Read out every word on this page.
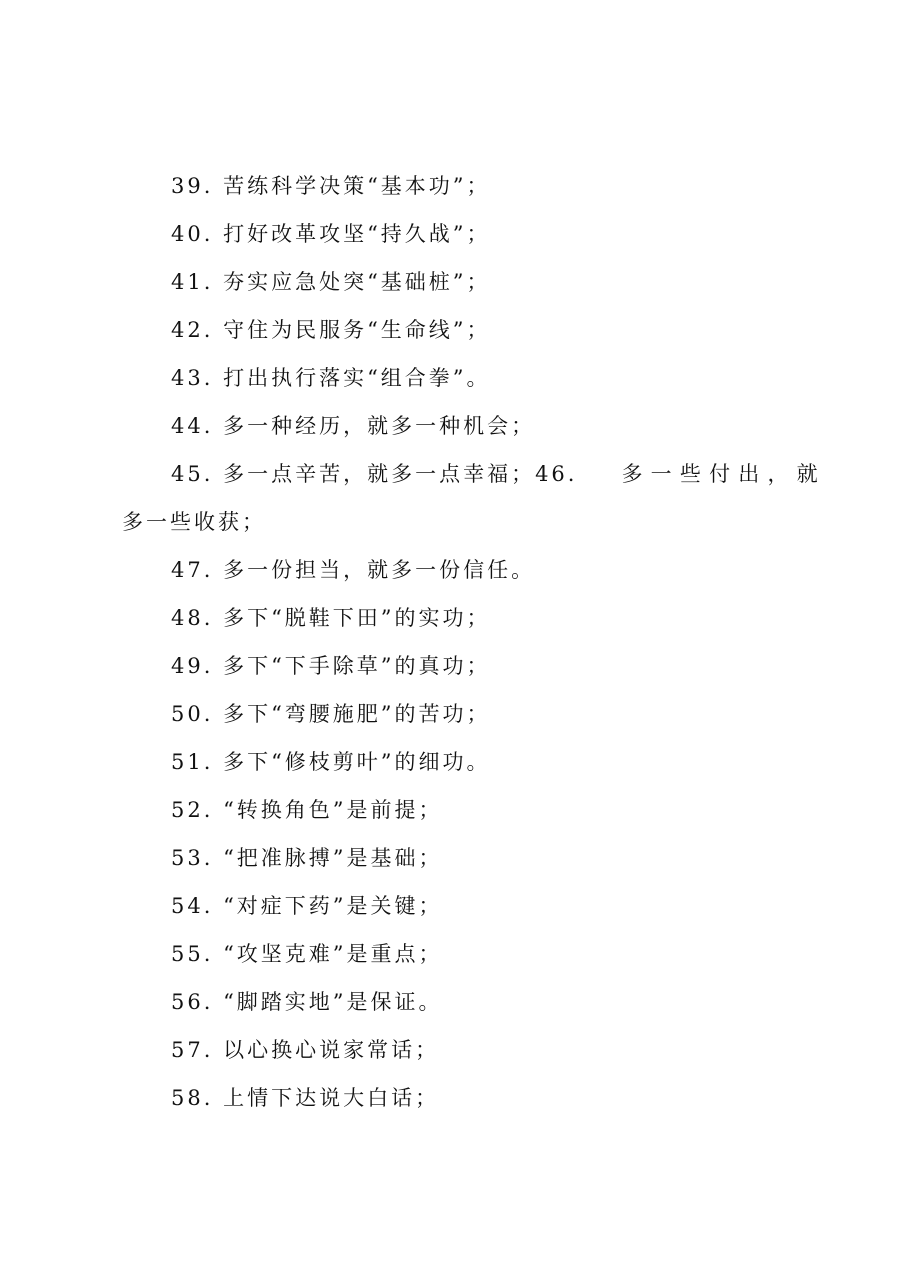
39. 苦练科学决策“基本功”；
40. 打好改革攻坚“持久战”；
41. 夯实应急处突“基础桩”；
42. 守住为民服务“生命线”；
43. 打出执行落实“组合拳”。
44. 多一种经历，就多一种机会；
45. 多一点辛苦，就多一点幸福；46. 多一些付出，就
多一些收获；
47. 多一份担当，就多一份信任。
48. 多下“脱鞋下田”的实功；
49. 多下“下手除草”的真功；
50. 多下“弯腰施肥”的苦功；
51. 多下“修枝剪叶”的细功。
52. “转换角色”是前提；
53. “把准脉搏”是基础；
54. “对症下药”是关键；
55. “攻坚克难”是重点；
56. “脚踏实地”是保证。
57. 以心换心说家常话；
58. 上情下达说大白话；
